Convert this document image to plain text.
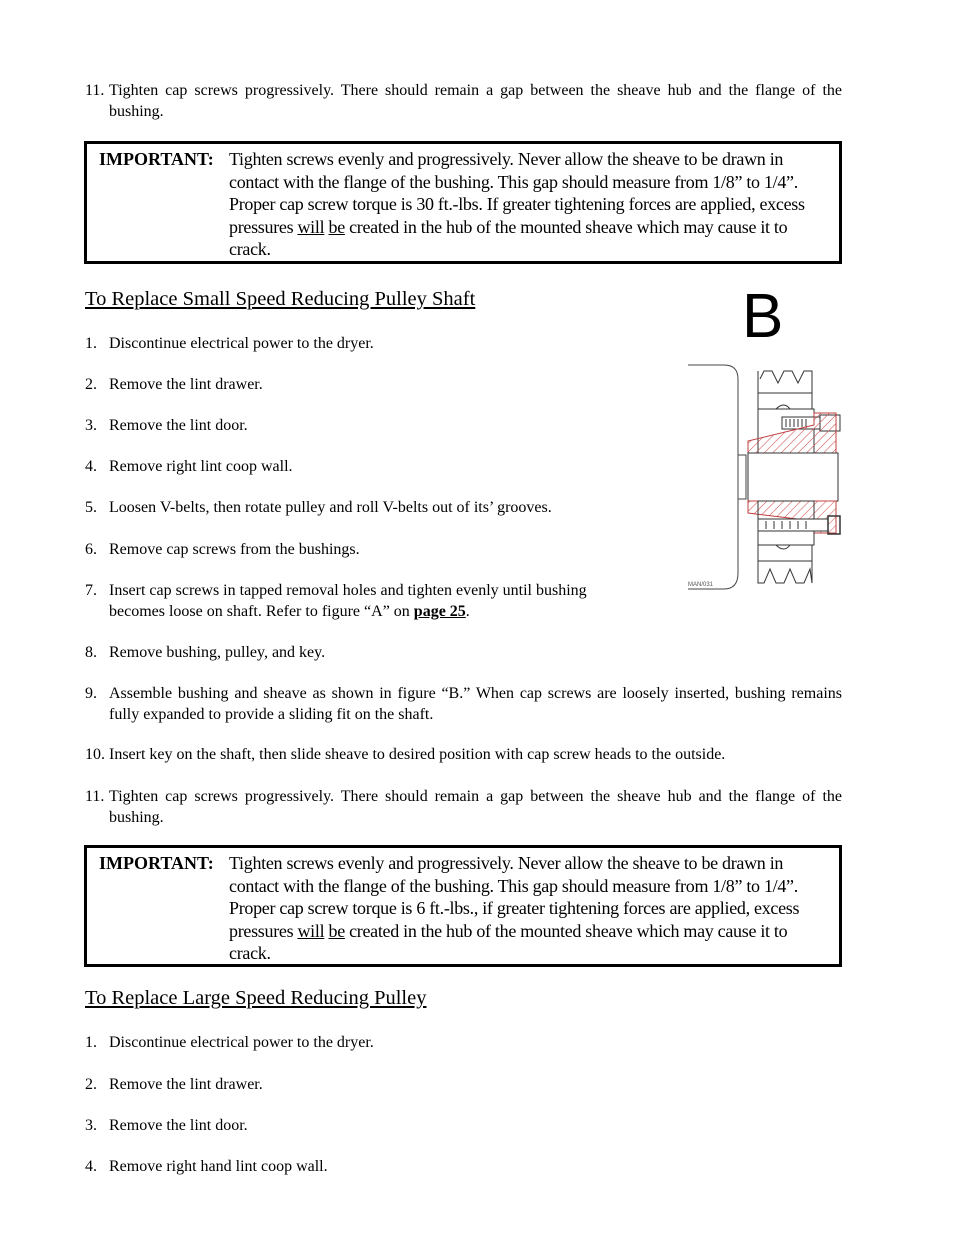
11. Tighten cap screws progressively. There should remain a gap between the sheave hub and the flange of the bushing.
IMPORTANT: Tighten screws evenly and progressively. Never allow the sheave to be drawn in contact with the flange of the bushing. This gap should measure from 1/8” to 1/4”. Proper cap screw torque is 30 ft.-lbs. If greater tightening forces are applied, excess pressures will be created in the hub of the mounted sheave which may cause it to crack.
To Replace Small Speed Reducing Pulley Shaft	B
MAN/031
1. Discontinue electrical power to the dryer.
2. Remove the lint drawer.
3. Remove the lint door.
4. Remove right lint coop wall.
5. Loosen V-belts, then rotate pulley and roll V-belts out of its’ grooves.
6. Remove cap screws from the bushings.
7. Insert cap screws in tapped removal holes and tighten evenly until bushing becomes loose on shaft. Refer to figure “A” on page 25.
8. Remove bushing, pulley, and key.
9. Assemble bushing and sheave as shown in figure “B.” When cap screws are loosely inserted, bushing remains fully expanded to provide a sliding fit on the shaft.
10. Insert key on the shaft, then slide sheave to desired position with cap screw heads to the outside.
11. Tighten cap screws progressively. There should remain a gap between the sheave hub and the flange of the bushing.
IMPORTANT: Tighten screws evenly and progressively. Never allow the sheave to be drawn in contact with the flange of the bushing. This gap should measure from 1/8” to 1/4”. Proper cap screw torque is 6 ft.-lbs., if greater tightening forces are applied, excess pressures will be created in the hub of the mounted sheave which may cause it to crack.
To Replace Large Speed Reducing Pulley
1. Discontinue electrical power to the dryer.
2. Remove the lint drawer.
3. Remove the lint door.
4. Remove right hand lint coop wall.
